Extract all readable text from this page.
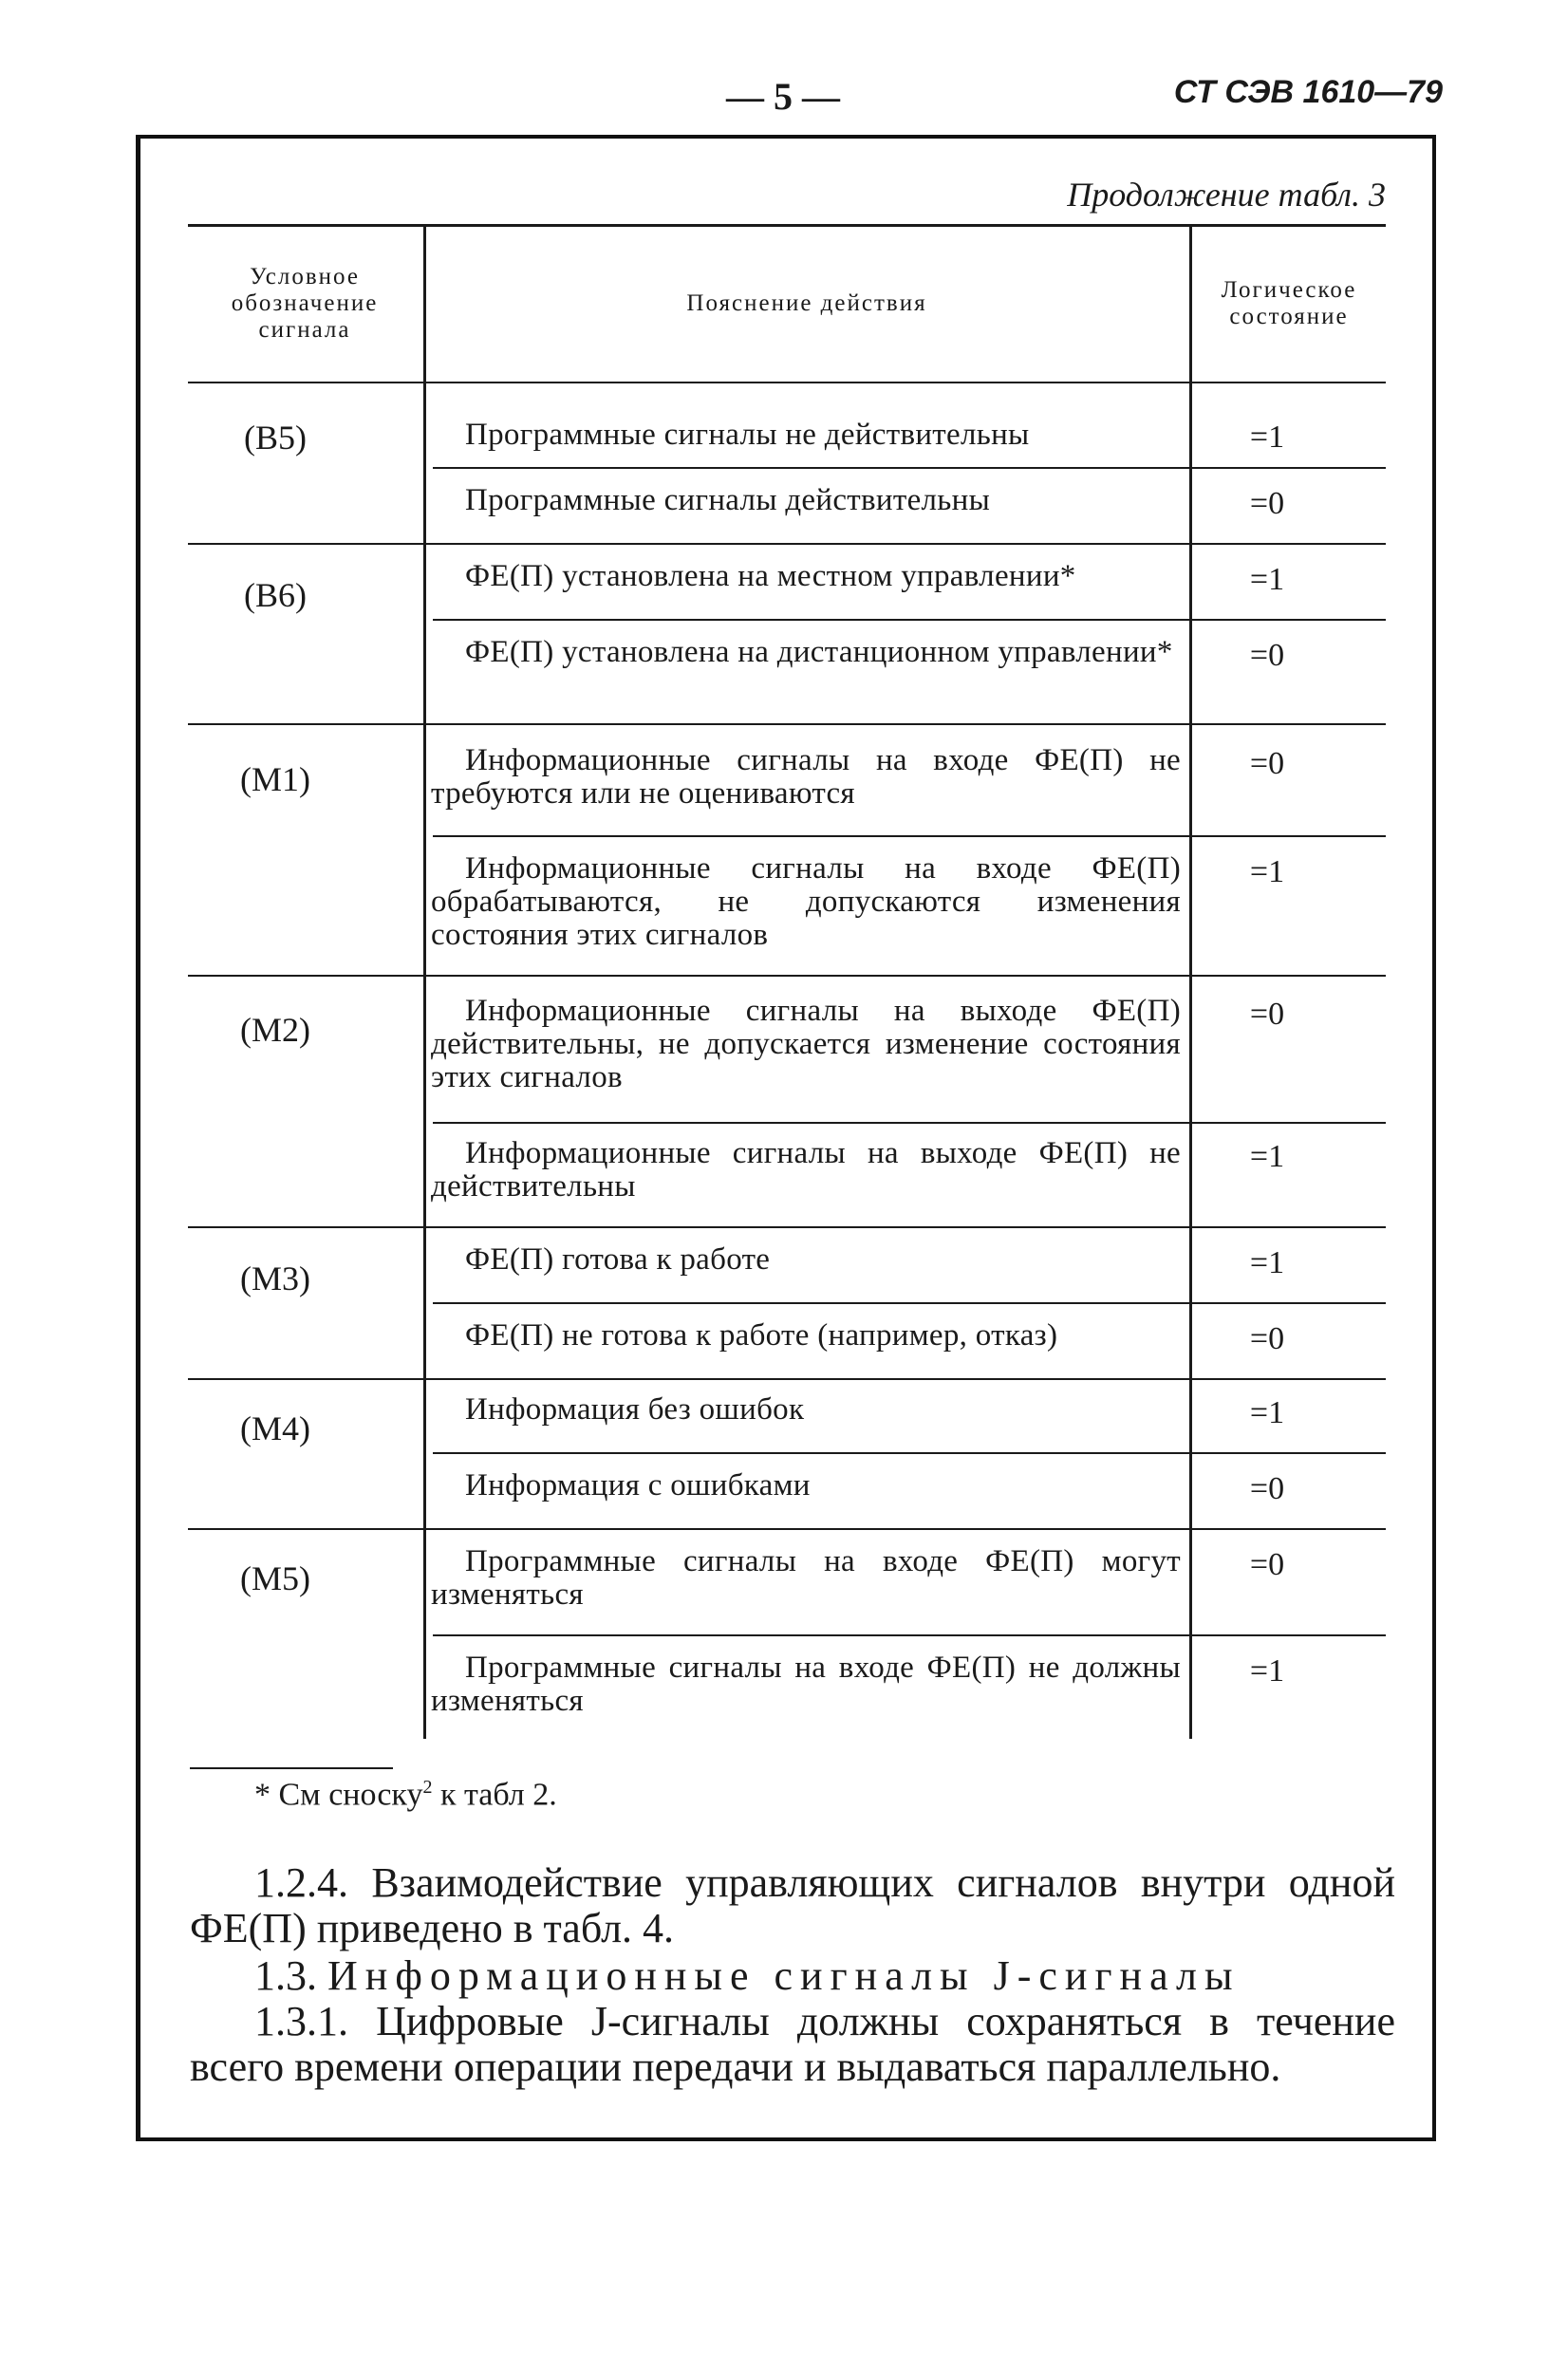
— 5 —	СТ СЭВ 1610—79
Продолжение табл. 3
Условное
обозначение
сигнала
Пояснение действия
Логическое
состояние
(В5)
(В6)
(М1)
(М2)
(М3)
(М4)
(М5)
Программные сигналы не действительны
Программные сигналы действительны
ФЕ(П) установлена на местном управлении*
ФЕ(П) установлена на дистанционном управлении*
Информационные сигналы на входе ФЕ(П) не требуются или не оцениваются
Информационные сигналы на входе ФЕ(П) обрабатываются, не допускаются изменения состояния этих сигналов
Информационные сигналы на выходе ФЕ(П) действительны, не допускается изменение состояния этих сигналов
Информационные сигналы на выходе ФЕ(П) не действительны
ФЕ(П) готова к работе
ФЕ(П) не готова к работе (например, отказ)
Информация без ошибок
Информация с ошибками
Программные сигналы на входе ФЕ(П) могут изменяться
Программные сигналы на входе ФЕ(П) не должны изменяться
=1
=0
=1
=0
=0
=1
=0
=1
=1
=0
=1
=0
=0
=1
* См сноску$^2$ к табл 2.
1.2.4. Взаимодействие управляющих сигналов внутри одной ФЕ(П) приведено в табл. 4.
1.3. Информационные сигналы J-сигналы
1.3.1. Цифровые J-сигналы должны сохраняться в течение всего времени операции передачи и выдаваться параллельно.
